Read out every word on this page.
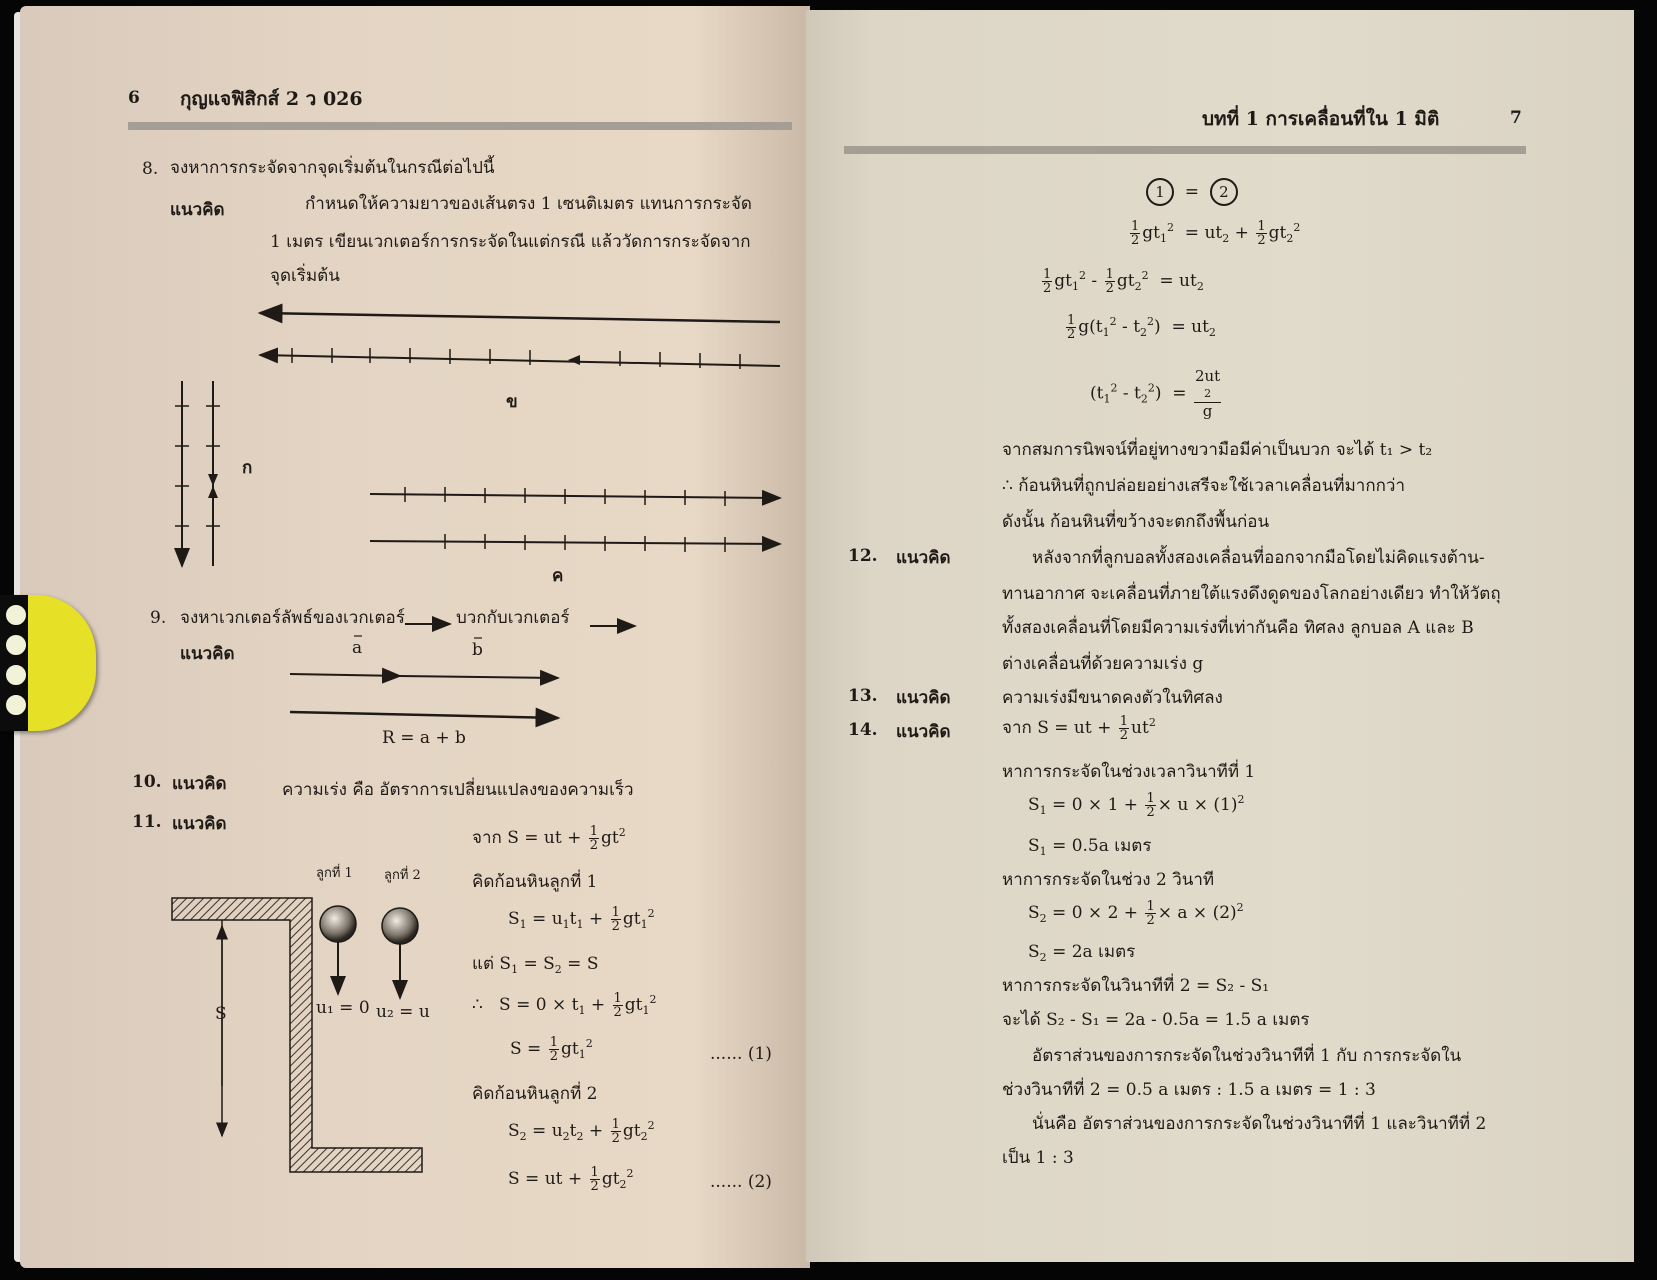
6 กุญแจฟิสิกส์ 2 ว 026
8. จงหาการกระจัดจากจุดเริ่มต้นในกรณีต่อไปนี้
แนวคิด	กำหนดให้ความยาวของเส้นตรง 1 เซนติเมตร แทนการกระจัด
1 เมตร เขียนเวกเตอร์การกระจัดในแต่กรณี แล้ววัดการกระจัดจาก
จุดเริ่มต้น
ข
ก
ค
9. จงหาเวกเตอร์ลัพธ์ของเวกเตอร์	บวกกับเวกเตอร์
แนวคิด	a	b
R = a + b
10. แนวคิด	ความเร่ง คือ อัตราการเปลี่ยนแปลงของความเร็ว
11. แนวคิด
ลูกที่ 1 ลูกที่ 2
S	u₁ = 0 u₂ = u
จาก S = ut + $\frac{1}{2} gt^2$
คิดก้อนหินลูกที่ 1
$S_1 = u_1t_1 + \frac{1}{2} gt_1^2$
แต่ $S_1 = S_2 = S$
∴   $S = 0 \times t_1 + \frac{1}{2} gt_1^2$
$S = \frac{1}{2} gt_1^2$
...... (1)
คิดก้อนหินลูกที่ 2
$S_2 = u_2t_2 + \frac{1}{2} gt_2^2$
S = ut + $\frac{1}{2} gt_2^2$	...... (2)
บทที่ 1 การเคลื่อนที่ใน 1 มิติ	7
1  =  2
$\frac{1}{2} gt_1^2 = ut_2 + \frac{1}{2} gt_2^2$
$\frac{1}{2} gt_1^2 - \frac{1}{2} gt_2^2 = ut_2$
$\frac{1}{2} g(t_1^2 - t_2^2) = ut_2$
$(t_1^2 - t_2^2) = 2ut$
2
g
จากสมการนิพจน์ที่อยู่ทางขวามือมีค่าเป็นบวก จะได้ t₁ > t₂
∴ ก้อนหินที่ถูกปล่อยอย่างเสรีจะใช้เวลาเคลื่อนที่มากกว่า
ดังนั้น ก้อนหินที่ขว้างจะตกถึงพื้นก่อน
12. แนวคิด	หลังจากที่ลูกบอลทั้งสองเคลื่อนที่ออกจากมือโดยไม่คิดแรงต้าน-
ทานอากาศ จะเคลื่อนที่ภายใต้แรงดึงดูดของโลกอย่างเดียว ทำให้วัตถุ
ทั้งสองเคลื่อนที่โดยมีความเร่งที่เท่ากันคือ ทิศลง ลูกบอล A และ B
ต่างเคลื่อนที่ด้วยความเร่ง g
13. แนวคิด	ความเร่งมีขนาดคงตัวในทิศลง
14. แนวคิด	จาก S = ut + $\frac{1}{2} ut^2$
หาการกระจัดในช่วงเวลาวินาทีที่ 1
$S_1 = 0 \times 1 + \frac{1}{2} \times u \times (1)^2$
$S_1 = 0.5a$ เมตร
หาการกระจัดในช่วง 2 วินาที
$S_2 = 0 \times 2 + \frac{1}{2} \times a \times (2)^2$
$S_2 = 2a$ เมตร
หาการกระจัดในวินาทีที่ 2 = S₂ - S₁
จะได้ S₂ - S₁ = 2a - 0.5a = 1.5 a เมตร
อัตราส่วนของการกระจัดในช่วงวินาทีที่ 1 กับ การกระจัดใน
ช่วงวินาทีที่ 2 = 0.5 a เมตร : 1.5 a เมตร = 1 : 3
นั่นคือ อัตราส่วนของการกระจัดในช่วงวินาทีที่ 1 และวินาทีที่ 2
เป็น 1 : 3
